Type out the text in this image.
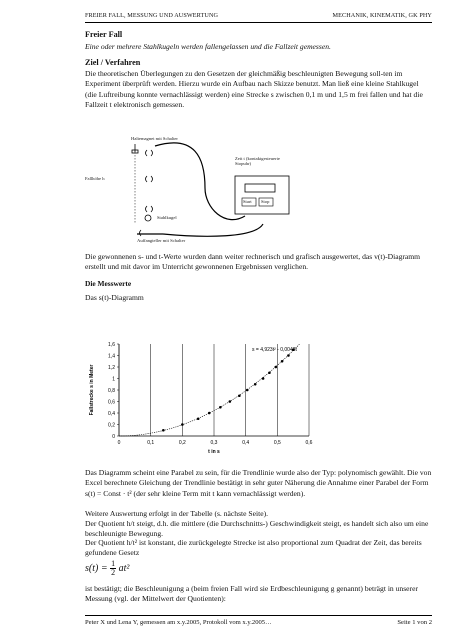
FREIER FALL, MESSUNG UND AUSWERTUNG	MECHANIK, KINEMATIK, GK PHY
Freier Fall
Eine oder mehrere Stahlkugeln werden fallengelassen und die Fallzeit gemessen.
Ziel / Verfahren
Die theoretischen Überlegungen zu den Gesetzen der gleichmäßig beschleunigten Bewegung soll-ten im Experiment überprüft werden. Hierzu wurde ein Aufbau nach Skizze benutzt. Man ließ eine kleine Stahlkugel (die Luftreibung konnte vernachlässigt werden) eine Strecke s zwischen 0,1 m und 1,5 m frei fallen und hat die Fallzeit t elektronisch gemessen.
Haltemagnet mit Schalter
Fallhöhe h
Zeit t (kontaktgesteuerte Stopuhr)
Start Stop
Stahlkugel
Auffangteller mit Schalter
Die gewonnenen s- und t-Werte wurden dann weiter rechnerisch und grafisch ausgewertet, das v(t)-Diagramm erstellt und mit davor im Unterricht gewonnenen Ergebnissen verglichen.
Die Messwerte
Das s(t)-Diagramm
0	0,1	0,2	0,3	0,4	0,5	0,6
0
0,2
0,4
0,6
0,8
1
1,2
1,4
1,6
s = 4,923t² - 0,0048t
t in s
Fallstrecke s in Meter
Das Diagramm scheint eine Parabel zu sein, für die Trendlinie wurde also der Typ: polynomisch gewählt. Die von Excel berechnete Gleichung der Trendlinie bestätigt in sehr guter Näherung die Annahme einer Parabel der Form s(t) = Const · t² (der sehr kleine Term mit t kann vernachlässigt werden).
Weitere Auswertung erfolgt in der Tabelle (s. nächste Seite).
Der Quotient h/t steigt, d.h. die mittlere (die Durchschnitts-) Geschwindigkeit steigt, es handelt sich also um eine beschleunigte Bewegung.
Der Quotient h/t² ist konstant, die zurückgelegte Strecke ist also proportional zum Quadrat der Zeit, das bereits gefundene Gesetz
$s(t) = \frac{1}{2} at^2$
ist bestätigt; die Beschleunigung a (beim freien Fall wird sie Erdbeschleunigung g genannt) beträgt in unserer Messung (vgl. der Mittelwert der Quotienten):
Peter X und Lena Y, gemessen am x.y.2005, Protokoll vom x.y.2005…	Seite 1 von 2
